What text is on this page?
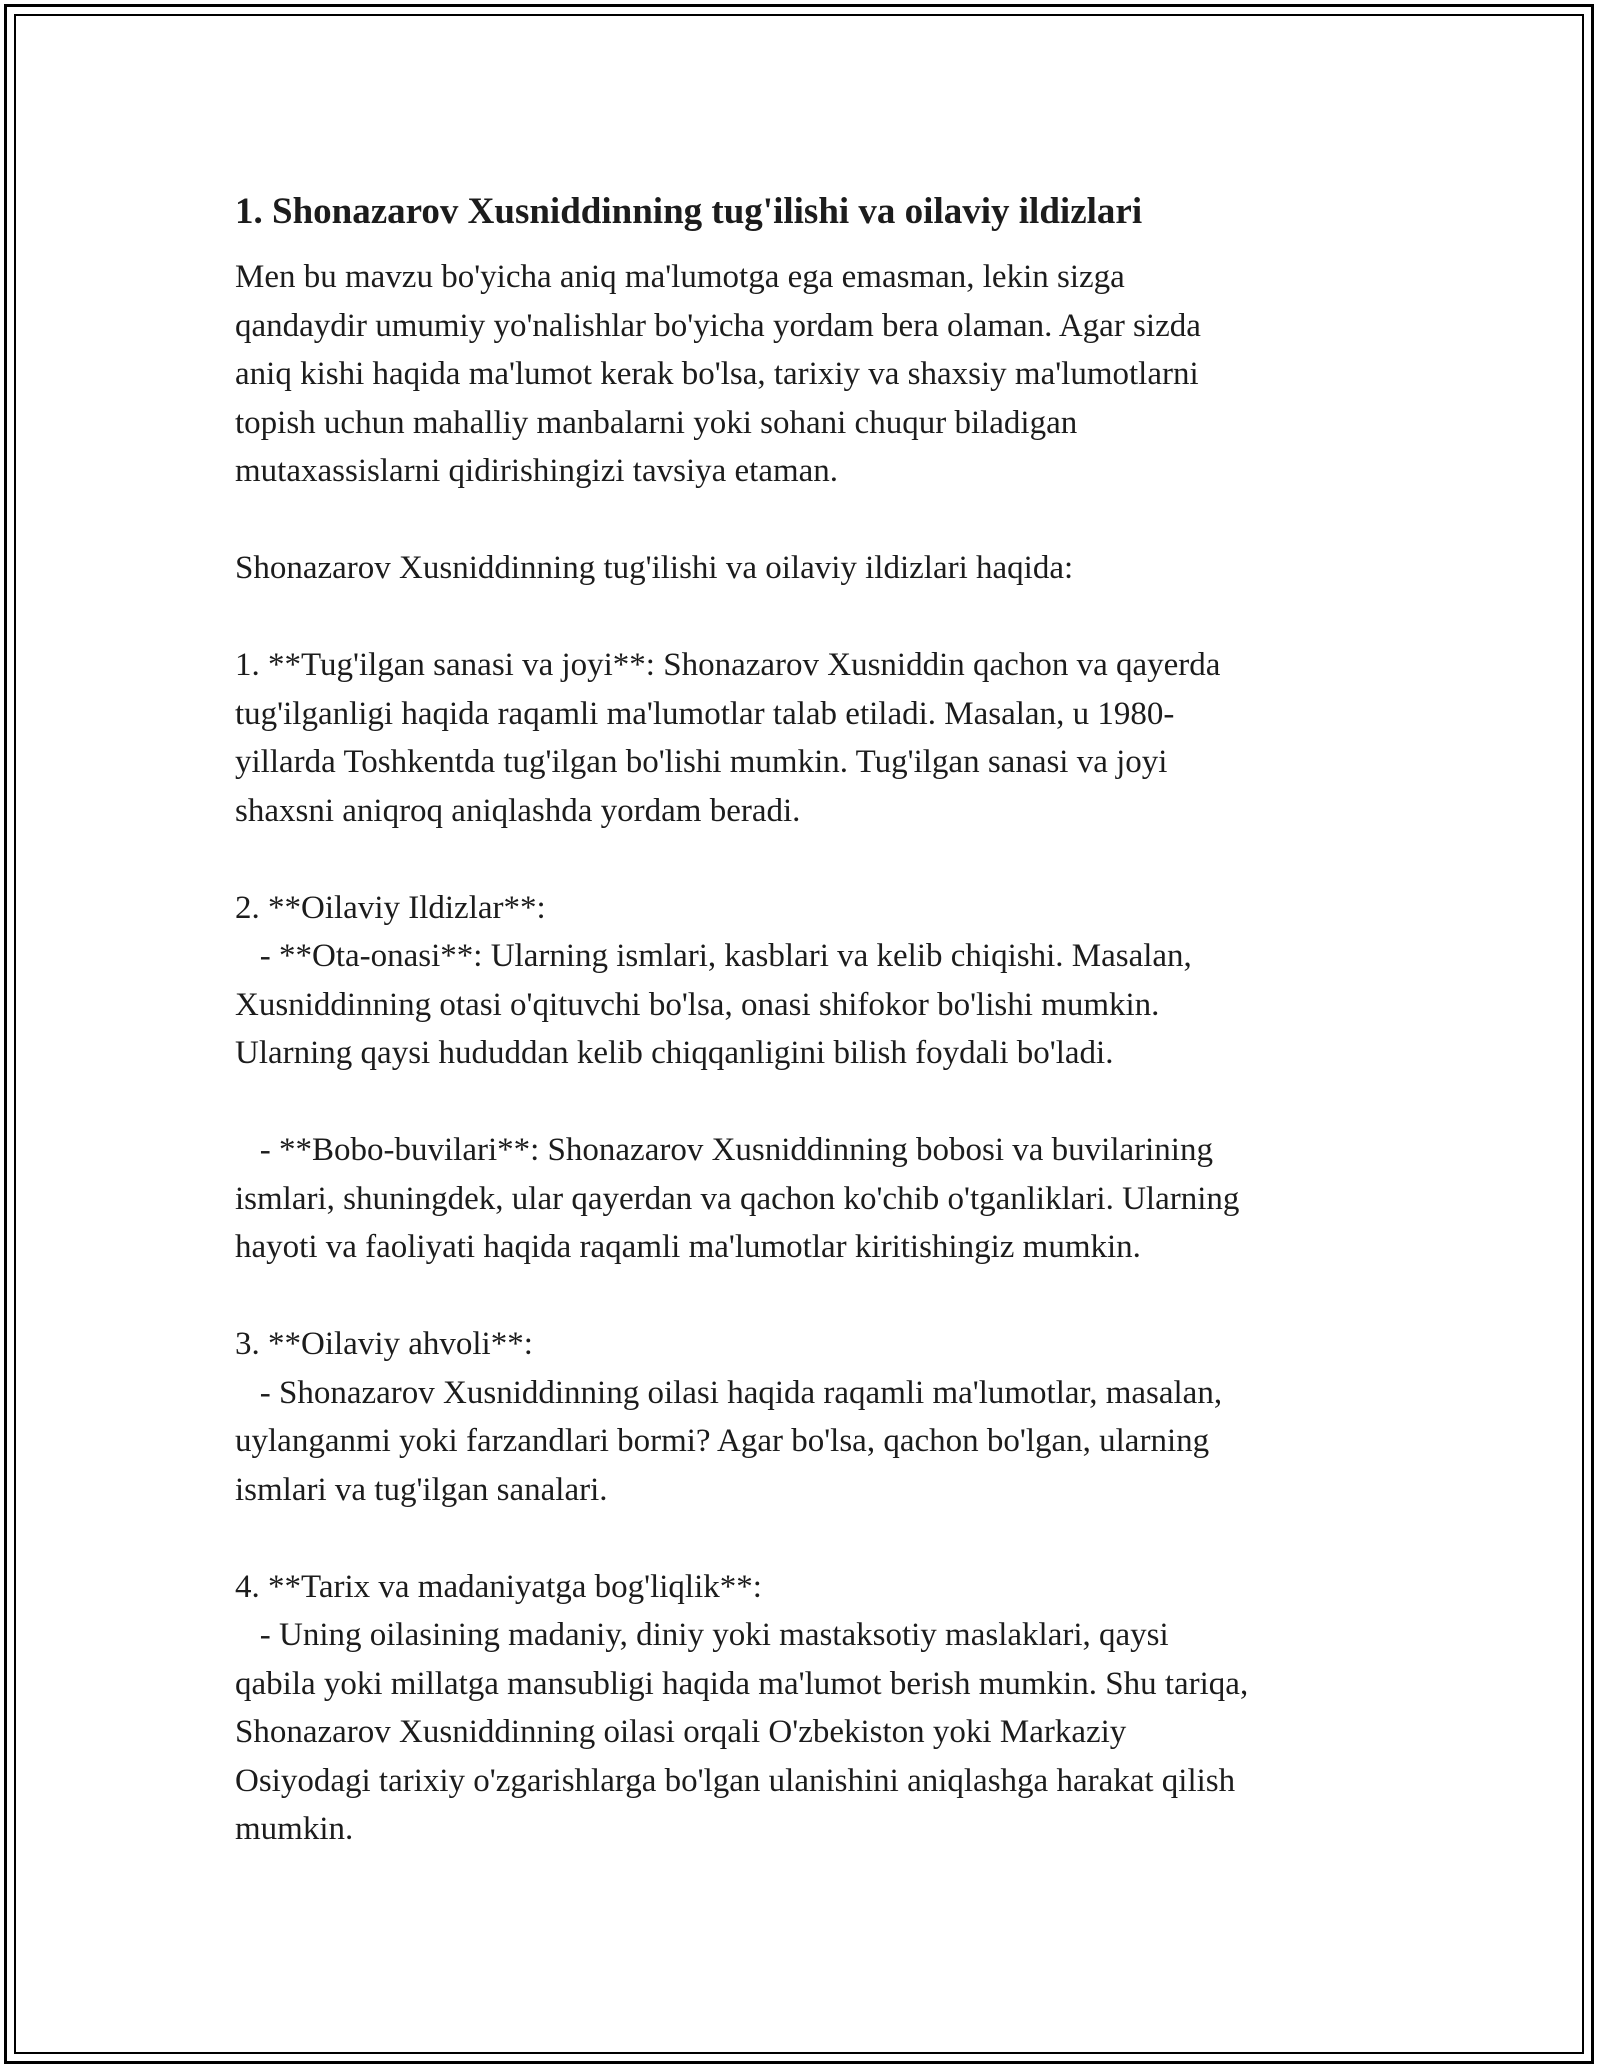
1. Shonazarov Xusniddinning tug'ilishi va oilaviy ildizlari
Men bu mavzu bo'yicha aniq ma'lumotga ega emasman, lekin sizga
qandaydir umumiy yo'nalishlar bo'yicha yordam bera olaman. Agar sizda
aniq kishi haqida ma'lumot kerak bo'lsa, tarixiy va shaxsiy ma'lumotlarni
topish uchun mahalliy manbalarni yoki sohani chuqur biladigan
mutaxassislarni qidirishingizi tavsiya etaman.
Shonazarov Xusniddinning tug'ilishi va oilaviy ildizlari haqida:
1. **Tug'ilgan sanasi va joyi**: Shonazarov Xusniddin qachon va qayerda
tug'ilganligi haqida raqamli ma'lumotlar talab etiladi. Masalan, u 1980-
yillarda Toshkentda tug'ilgan bo'lishi mumkin. Tug'ilgan sanasi va joyi
shaxsni aniqroq aniqlashda yordam beradi.
2. **Oilaviy Ildizlar**:
- **Ota-onasi**: Ularning ismlari, kasblari va kelib chiqishi. Masalan,
Xusniddinning otasi o'qituvchi bo'lsa, onasi shifokor bo'lishi mumkin.
Ularning qaysi hududdan kelib chiqqanligini bilish foydali bo'ladi.
- **Bobo-buvilari**: Shonazarov Xusniddinning bobosi va buvilarining
ismlari, shuningdek, ular qayerdan va qachon ko'chib o'tganliklari. Ularning
hayoti va faoliyati haqida raqamli ma'lumotlar kiritishingiz mumkin.
3. **Oilaviy ahvoli**:
- Shonazarov Xusniddinning oilasi haqida raqamli ma'lumotlar, masalan,
uylanganmi yoki farzandlari bormi? Agar bo'lsa, qachon bo'lgan, ularning
ismlari va tug'ilgan sanalari.
4. **Tarix va madaniyatga bog'liqlik**:
- Uning oilasining madaniy, diniy yoki mastaksotiy maslaklari, qaysi
qabila yoki millatga mansubligi haqida ma'lumot berish mumkin. Shu tariqa,
Shonazarov Xusniddinning oilasi orqali O'zbekiston yoki Markaziy
Osiyodagi tarixiy o'zgarishlarga bo'lgan ulanishini aniqlashga harakat qilish
mumkin.
